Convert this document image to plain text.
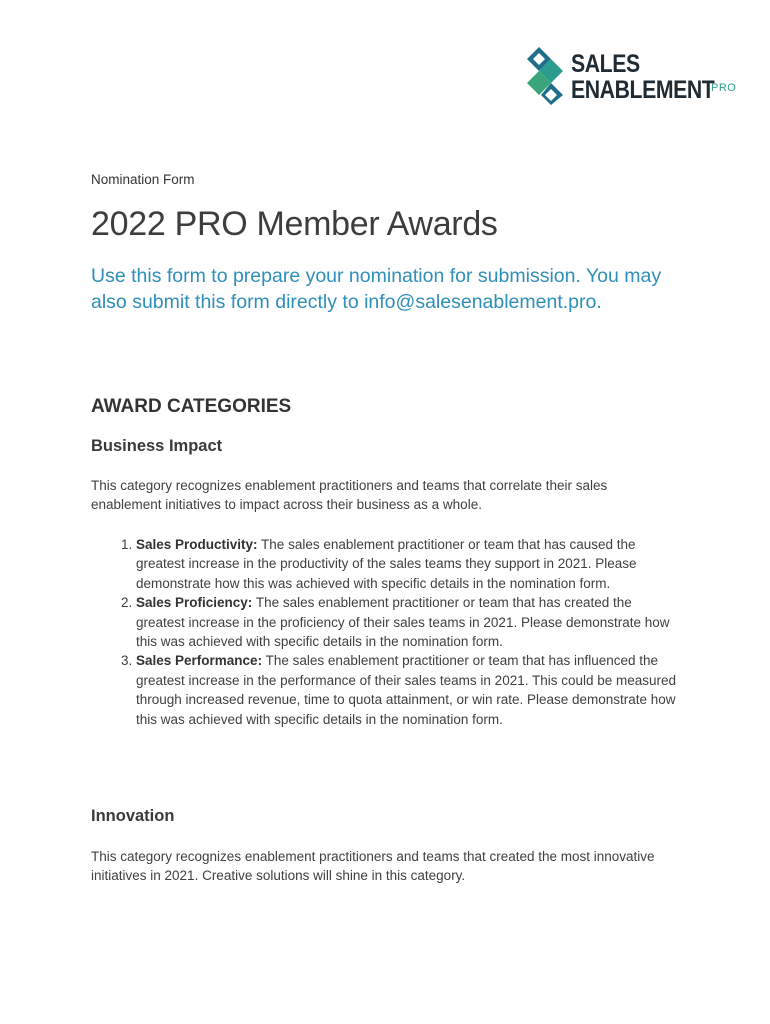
SALES
ENABLEMENT
PRO
Nomination Form
2022 PRO Member Awards
Use this form to prepare your nomination for submission. You may also submit this form directly to info@salesenablement.pro.
AWARD CATEGORIES
Business Impact
This category recognizes enablement practitioners and teams that correlate their sales enablement initiatives to impact across their business as a whole.
1. Sales Productivity: The sales enablement practitioner or team that has caused the greatest increase in the productivity of the sales teams they support in 2021. Please demonstrate how this was achieved with specific details in the nomination form.
2. Sales Proficiency: The sales enablement practitioner or team that has created the greatest increase in the proficiency of their sales teams in 2021. Please demonstrate how this was achieved with specific details in the nomination form.
3. Sales Performance: The sales enablement practitioner or team that has influenced the greatest increase in the performance of their sales teams in 2021. This could be measured through increased revenue, time to quota attainment, or win rate. Please demonstrate how this was achieved with specific details in the nomination form.
Innovation
This category recognizes enablement practitioners and teams that created the most innovative initiatives in 2021. Creative solutions will shine in this category.
